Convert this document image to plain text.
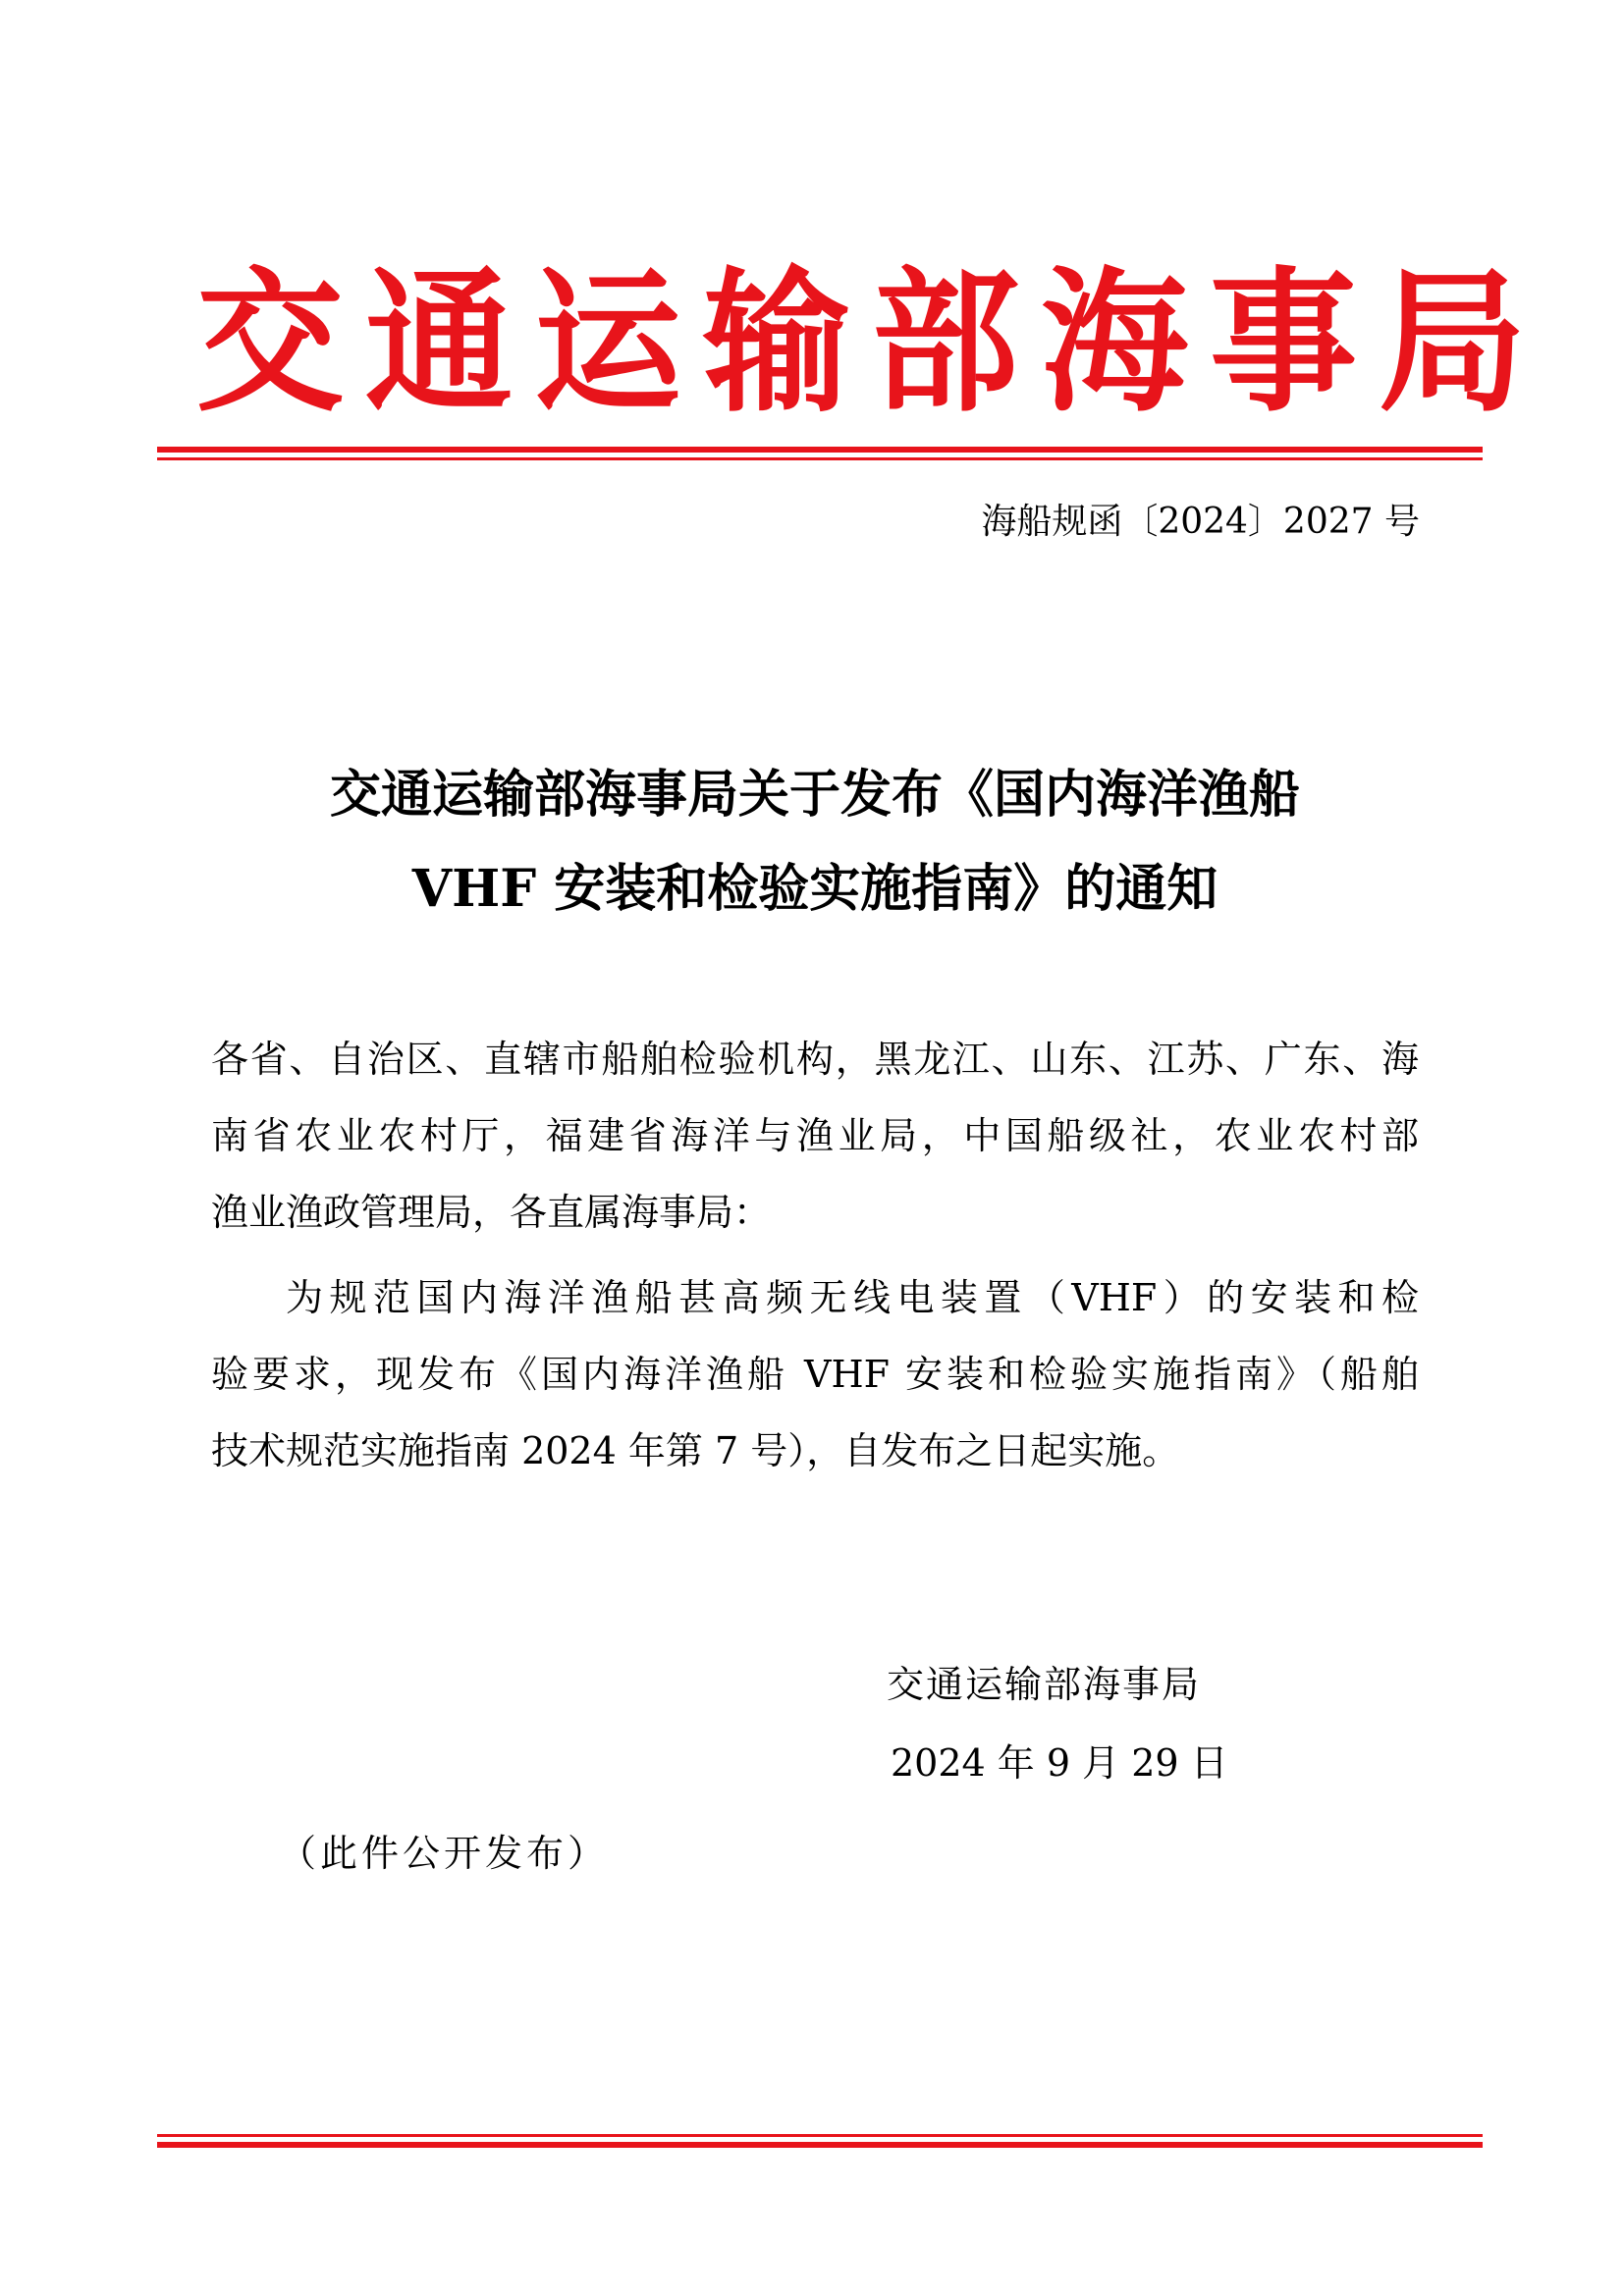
交通运输部海事局
海船规函〔2024〕2027 号
交通运输部海事局关于发布《国内海洋渔船
VHF 安装和检验实施指南》的通知
各省、自治区、直辖市船舶检验机构，黑龙江、山东、江苏、广东、海
南省农业农村厅，福建省海洋与渔业局，中国船级社，农业农村部
渔业渔政管理局，各直属海事局：
为规范国内海洋渔船甚高频无线电装置（VHF）的安装和检
验要求，现发布《国内海洋渔船 VHF 安装和检验实施指南》（船舶
技术规范实施指南 2024 年第 7 号），自发布之日起实施。
交通运输部海事局
2024 年 9 月 29 日
（此件公开发布）
